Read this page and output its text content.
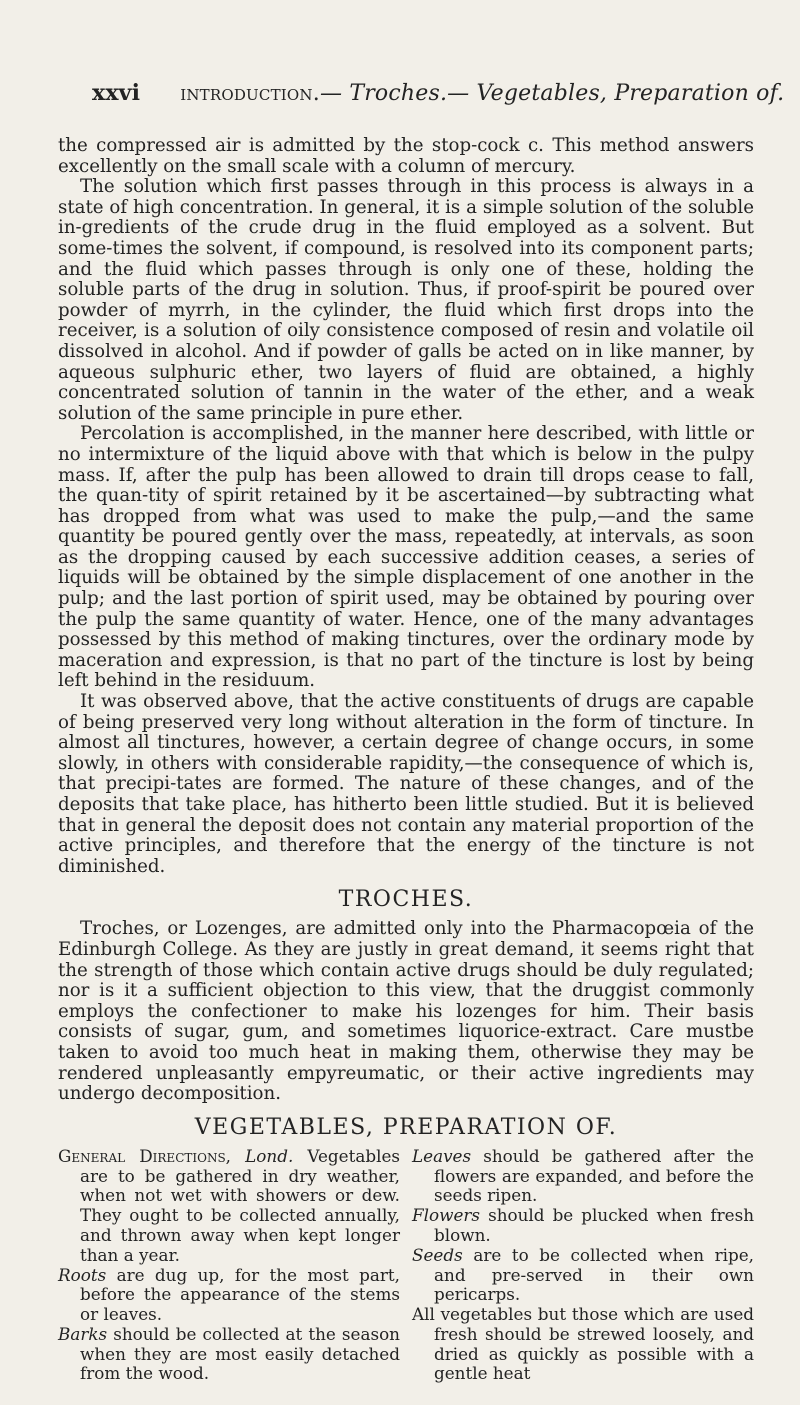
xxvi introduction.— Troches.— Vegetables, Preparation of.

the compressed air is admitted by the stop-cock c. This method answers excellently on the small scale with a column of mercury.

The solution which first passes through in this process is always in a state of high concentration. In general, it is a simple solution of the soluble in-gredients of the crude drug in the fluid employed as a solvent. But some-times the solvent, if compound, is resolved into its component parts; and the fluid which passes through is only one of these, holding the soluble parts of the drug in solution. Thus, if proof-spirit be poured over powder of myrrh, in the cylinder, the fluid which first drops into the receiver, is a solution of oily consistence composed of resin and volatile oil dissolved in alcohol. And if powder of galls be acted on in like manner, by aqueous sulphuric ether, two layers of fluid are obtained, a highly concentrated solution of tannin in the water of the ether, and a weak solution of the same principle in pure ether.

Percolation is accomplished, in the manner here described, with little or no intermixture of the liquid above with that which is below in the pulpy mass. If, after the pulp has been allowed to drain till drops cease to fall, the quan-tity of spirit retained by it be ascertained—by subtracting what has dropped from what was used to make the pulp,—and the same quantity be poured gently over the mass, repeatedly, at intervals, as soon as the dropping caused by each successive addition ceases, a series of liquids will be obtained by the simple displacement of one another in the pulp; and the last portion of spirit used, may be obtained by pouring over the pulp the same quantity of water. Hence, one of the many advantages possessed by this method of making tinctures, over the ordinary mode by maceration and expression, is that no part of the tincture is lost by being left behind in the residuum.

It was observed above, that the active constituents of drugs are capable of being preserved very long without alteration in the form of tincture. In almost all tinctures, however, a certain degree of change occurs, in some slowly, in others with considerable rapidity,—the consequence of which is, that precipi-tates are formed. The nature of these changes, and of the deposits that take place, has hitherto been little studied. But it is believed that in general the deposit does not contain any material proportion of the active principles, and therefore that the energy of the tincture is not diminished.

TROCHES.

Troches, or Lozenges, are admitted only into the Pharmacopœia of the Edinburgh College. As they are justly in great demand, it seems right that the strength of those which contain active drugs should be duly regulated; nor is it a sufficient objection to this view, that the druggist commonly employs the confectioner to make his lozenges for him. Their basis consists of sugar, gum, and sometimes liquorice-extract. Care mustbe taken to avoid too much heat in making them, otherwise they may be rendered unpleasantly empyreumatic, or their active ingredients may undergo decomposition.

VEGETABLES, PREPARATION OF.

General Directions, Lond. Vegetables are to be gathered in dry weather, when not wet with showers or dew. They ought to be collected annually, and thrown away when kept longer than a year.

Roots are dug up, for the most part, before the appearance of the stems or leaves.

Barks should be collected at the season when they are most easily detached from the wood.

Leaves should be gathered after the flowers are expanded, and before the seeds ripen.

Flowers should be plucked when fresh blown.

Seeds are to be collected when ripe, and pre-served in their own pericarps.

All vegetables but those which are used fresh should be strewed loosely, and dried as quickly as possible with a gentle heat
